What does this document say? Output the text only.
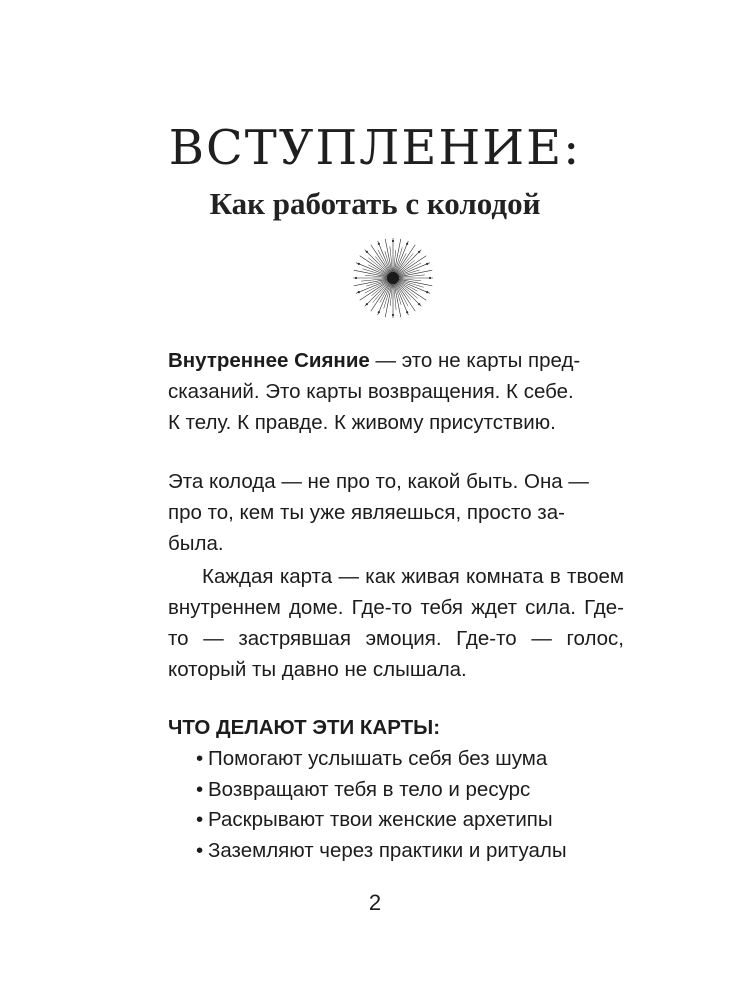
ВСТУПЛЕНИЕ:
Как работать с колодой

Внутреннее Сияние — это не карты пред-
сказаний. Это карты возвращения. К себе.
К телу. К правде. К живому присутствию.

Эта колода — не про то, какой быть. Она —
про то, кем ты уже являешься, просто за-
была.

Каждая карта — как живая комната в твоем внутреннем доме. Где-то тебя ждет сила. Где-то — застрявшая эмоция. Где-то — голос, который ты давно не слышала.

ЧТО ДЕЛАЮТ ЭТИ КАРТЫ:
• Помогают услышать себя без шума
• Возвращают тебя в тело и ресурс
• Раскрывают твои женские архетипы
• Заземляют через практики и ритуалы
2
